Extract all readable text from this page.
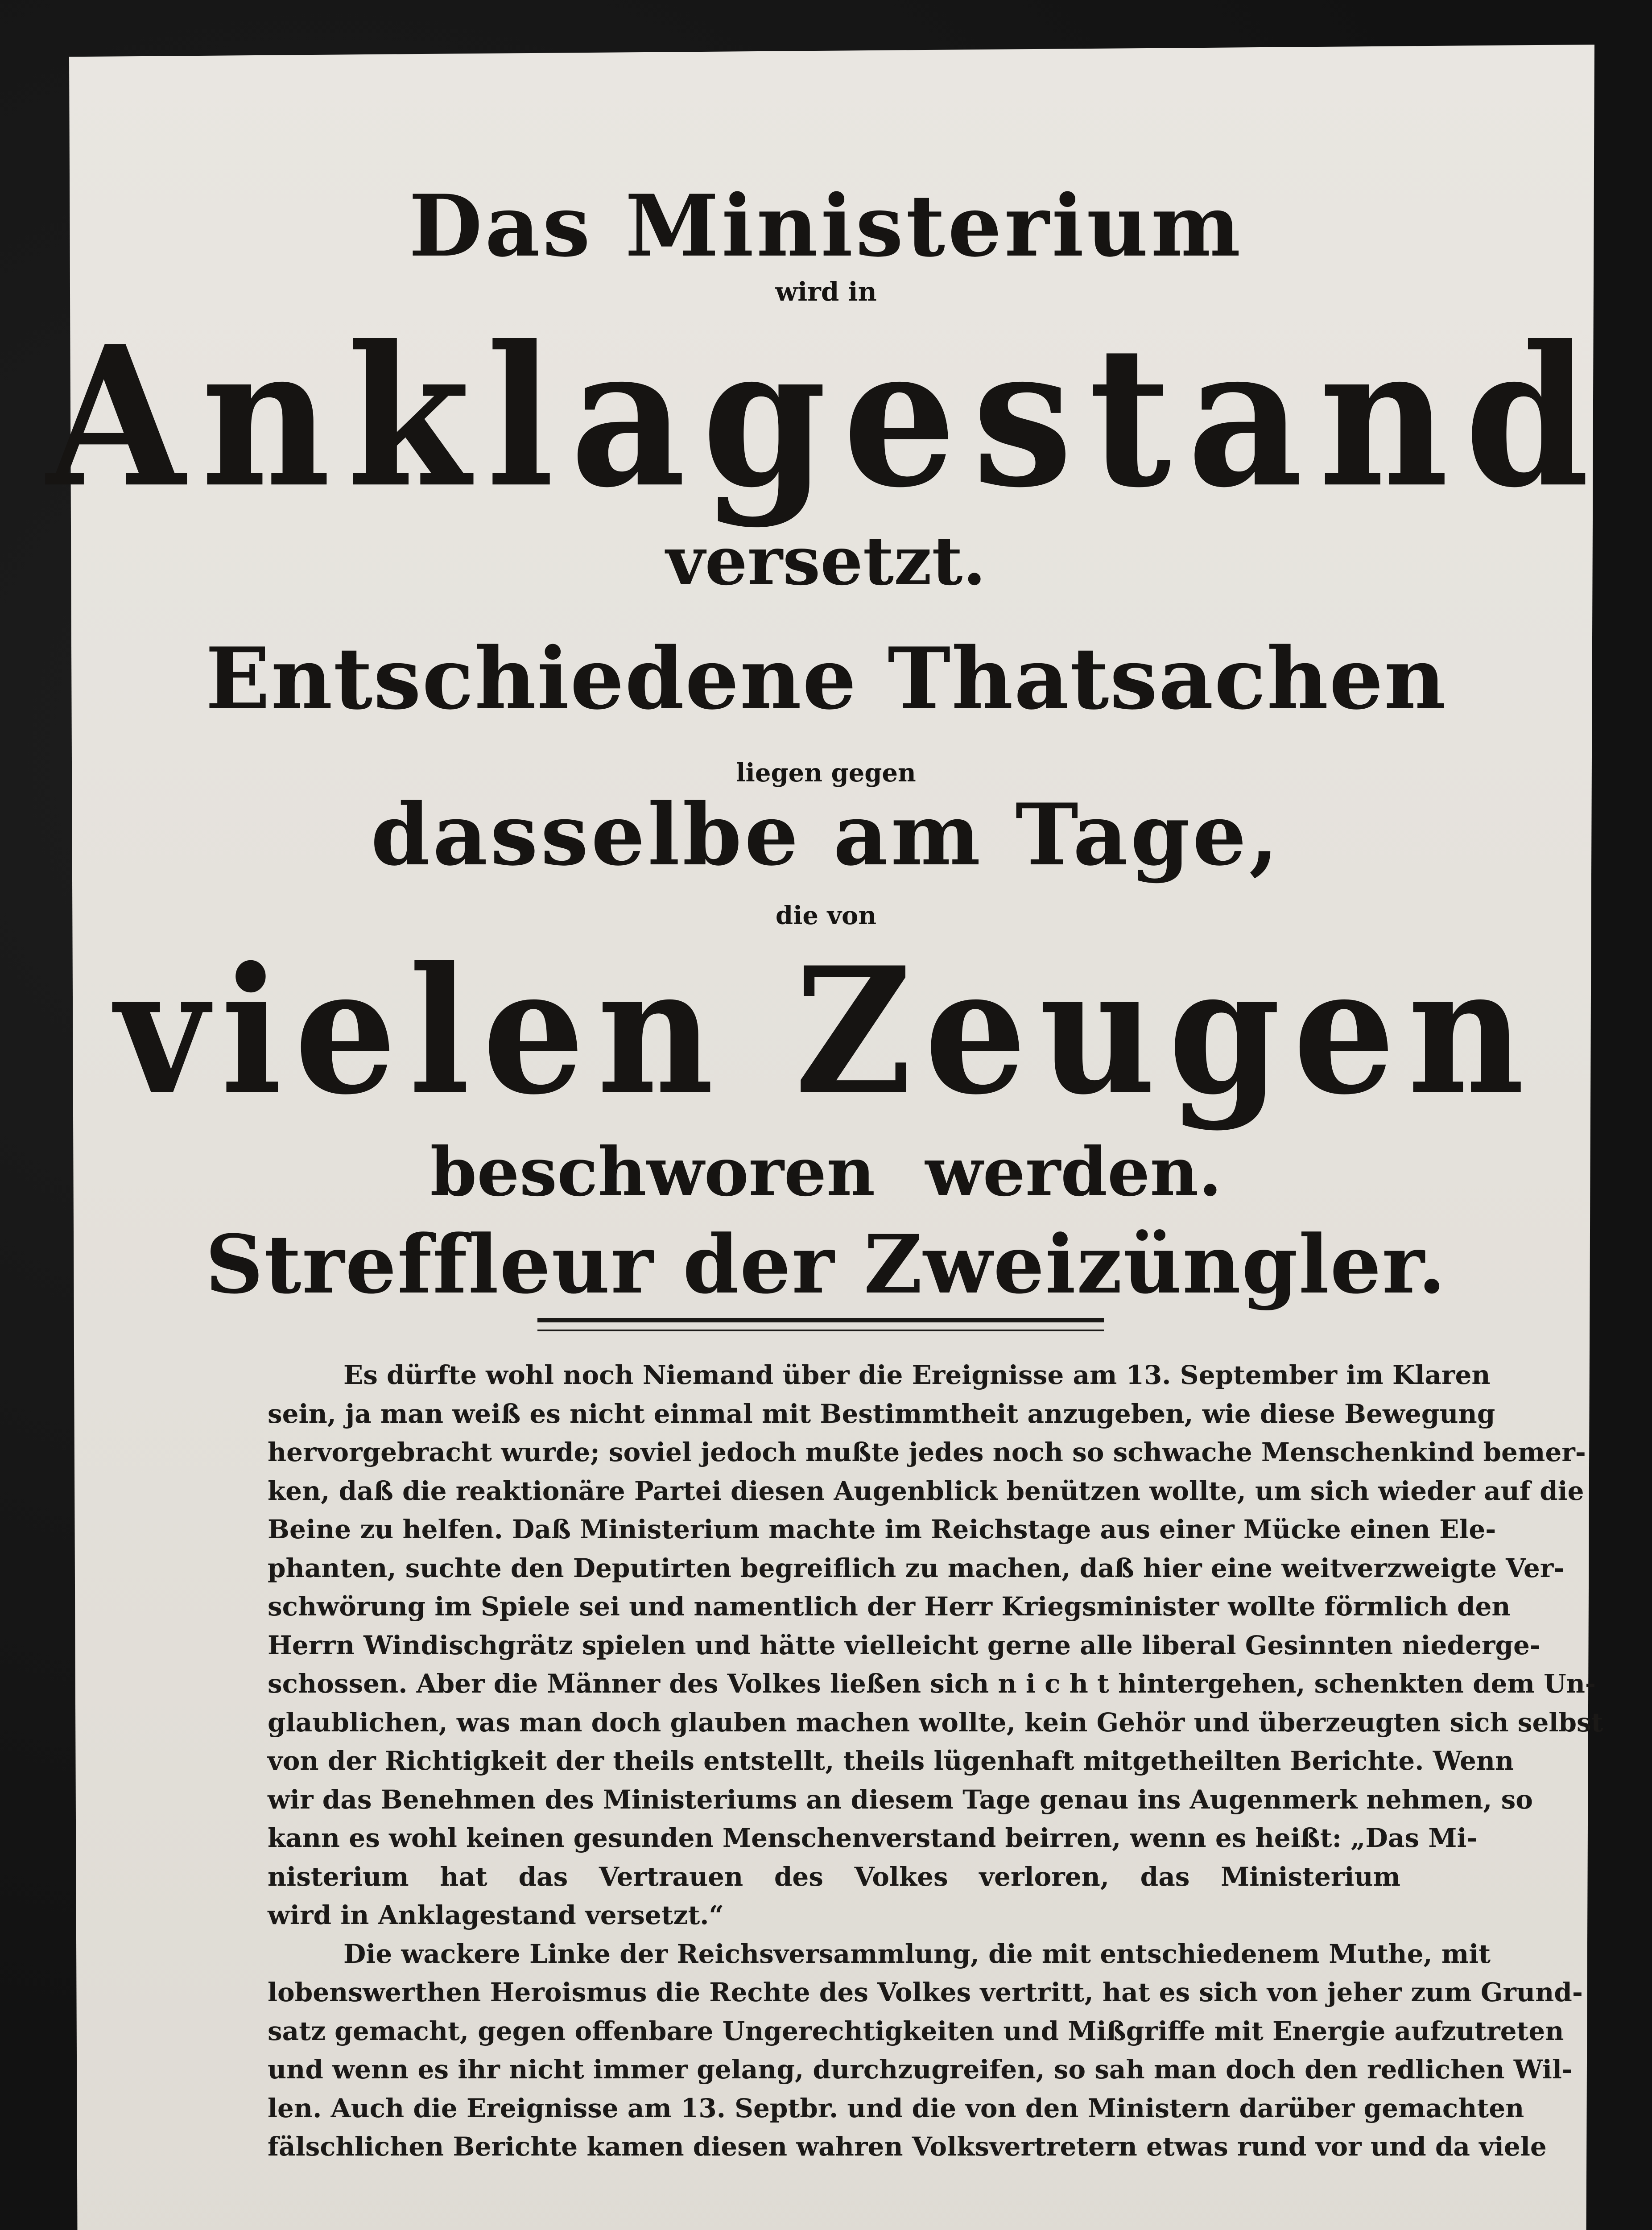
Das Ministerium
wird in
Anklagestand
versetzt.
Entschiedene Thatsachen
liegen gegen
dasselbe am Tage,
die von
vielen Zeugen
beschworen werden.
Streffleur der Zweizüngler.
Es dürfte wohl noch Niemand über die Ereignisse am 13. September im Klaren
sein, ja man weiß es nicht einmal mit Bestimmtheit anzugeben, wie diese Bewegung
hervorgebracht wurde; soviel jedoch mußte jedes noch so schwache Menschenkind bemer-
ken, daß die reaktionäre Partei diesen Augenblick benützen wollte, um sich wieder auf die
Beine zu helfen. Daß Ministerium machte im Reichstage aus einer Mücke einen Ele-
phanten, suchte den Deputirten begreiflich zu machen, daß hier eine weitverzweigte Ver-
schwörung im Spiele sei und namentlich der Herr Kriegsminister wollte förmlich den
Herrn Windischgrätz spielen und hätte vielleicht gerne alle liberal Gesinnten niederge-
schossen. Aber die Männer des Volkes ließen sich n i c h t hintergehen, schenkten dem Un-
glaublichen, was man doch glauben machen wollte, kein Gehör und überzeugten sich selbst
von der Richtigkeit der theils entstellt, theils lügenhaft mitgetheilten Berichte. Wenn
wir das Benehmen des Ministeriums an diesem Tage genau ins Augenmerk nehmen, so
kann es wohl keinen gesunden Menschenverstand beirren, wenn es heißt: „Das Mi-
nisterium hat das Vertrauen des Volkes verloren, das Ministerium
wird in Anklagestand versetzt.“
Die wackere Linke der Reichsversammlung, die mit entschiedenem Muthe, mit
lobenswerthen Heroismus die Rechte des Volkes vertritt, hat es sich von jeher zum Grund-
satz gemacht, gegen offenbare Ungerechtigkeiten und Mißgriffe mit Energie aufzutreten
und wenn es ihr nicht immer gelang, durchzugreifen, so sah man doch den redlichen Wil-
len. Auch die Ereignisse am 13. Septbr. und die von den Ministern darüber gemachten
fälschlichen Berichte kamen diesen wahren Volksvertretern etwas rund vor und da viele
